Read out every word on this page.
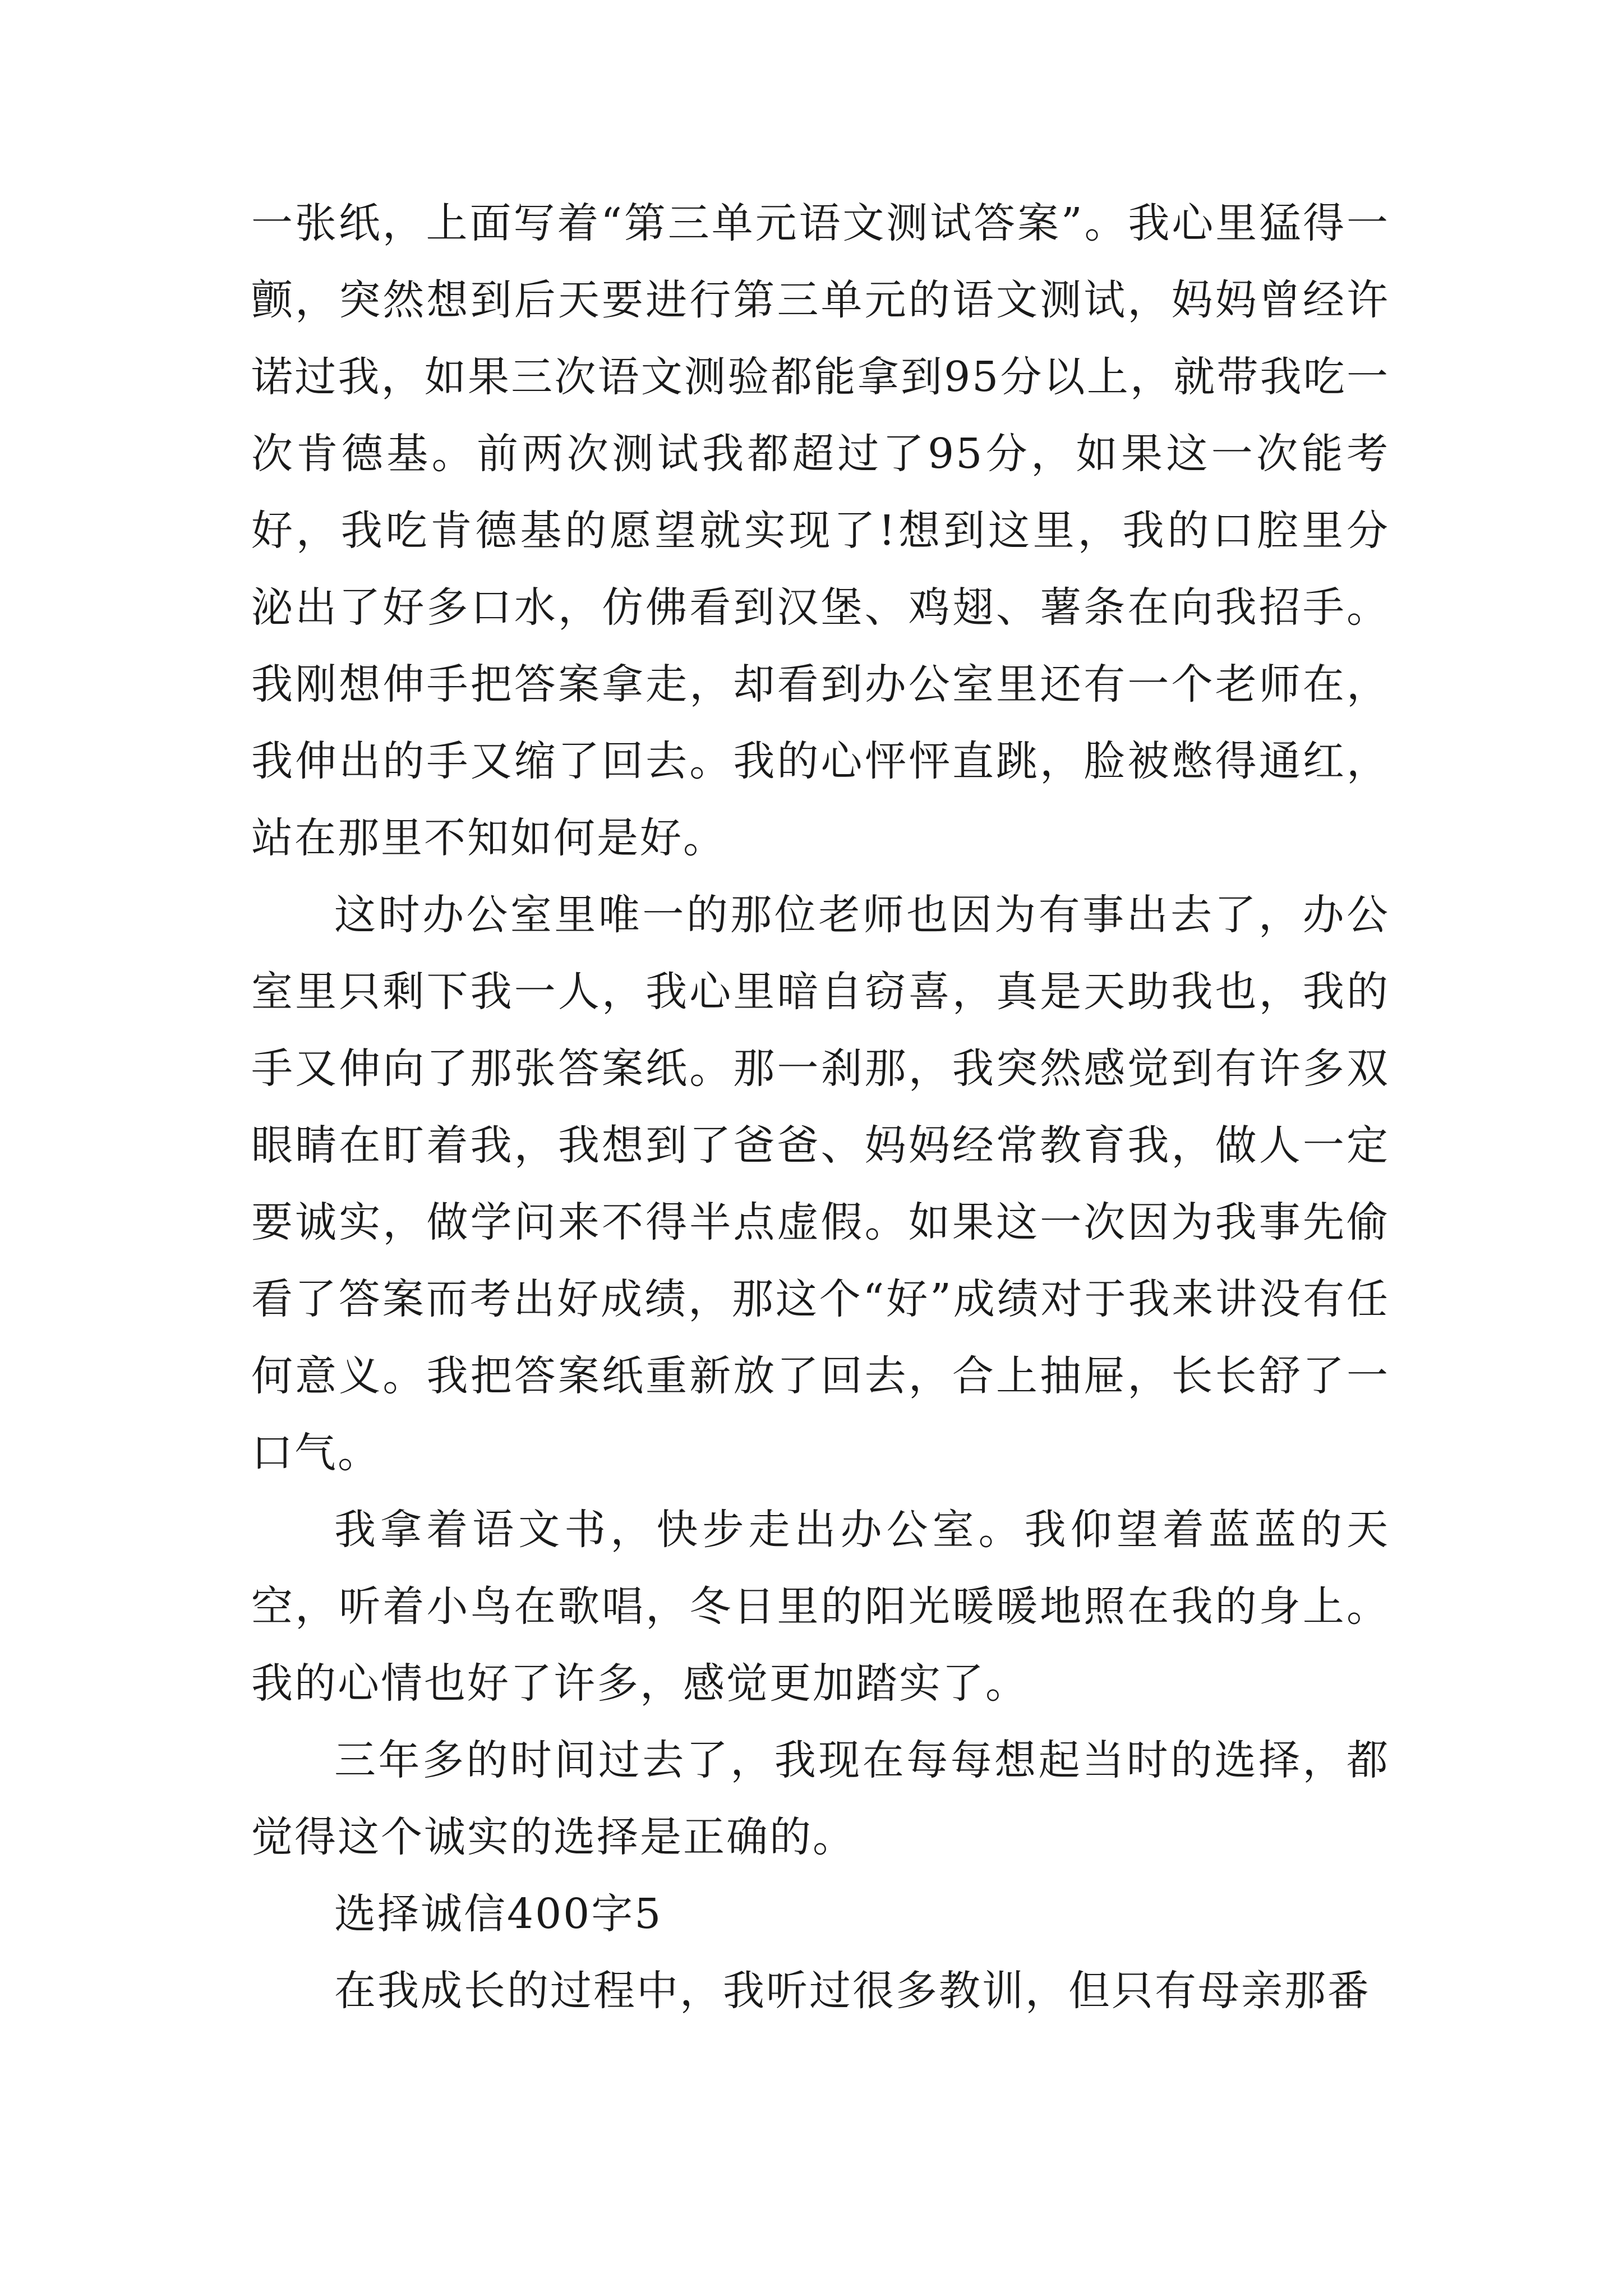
一张纸，上面写着“第三单元语文测试答案”。我心里猛得一颤，突然想到后天要进行第三单元的语文测试，妈妈曾经许诺过我，如果三次语文测验都能拿到95分以上，就带我吃一次肯德基。前两次测试我都超过了95分，如果这一次能考好，我吃肯德基的愿望就实现了!想到这里，我的口腔里分泌出了好多口水，仿佛看到汉堡、鸡翅、薯条在向我招手。我刚想伸手把答案拿走，却看到办公室里还有一个老师在，我伸出的手又缩了回去。我的心怦怦直跳，脸被憋得通红，站在那里不知如何是好。

这时办公室里唯一的那位老师也因为有事出去了，办公室里只剩下我一人，我心里暗自窃喜，真是天助我也，我的手又伸向了那张答案纸。那一刹那，我突然感觉到有许多双眼睛在盯着我，我想到了爸爸、妈妈经常教育我，做人一定要诚实，做学问来不得半点虚假。如果这一次因为我事先偷看了答案而考出好成绩，那这个“好”成绩对于我来讲没有任何意义。我把答案纸重新放了回去，合上抽屉，长长舒了一口气。

我拿着语文书，快步走出办公室。我仰望着蓝蓝的天空，听着小鸟在歌唱，冬日里的阳光暖暖地照在我的身上。我的心情也好了许多，感觉更加踏实了。

三年多的时间过去了，我现在每每想起当时的选择，都觉得这个诚实的选择是正确的。

选择诚信400字5

在我成长的过程中，我听过很多教训，但只有母亲那番
